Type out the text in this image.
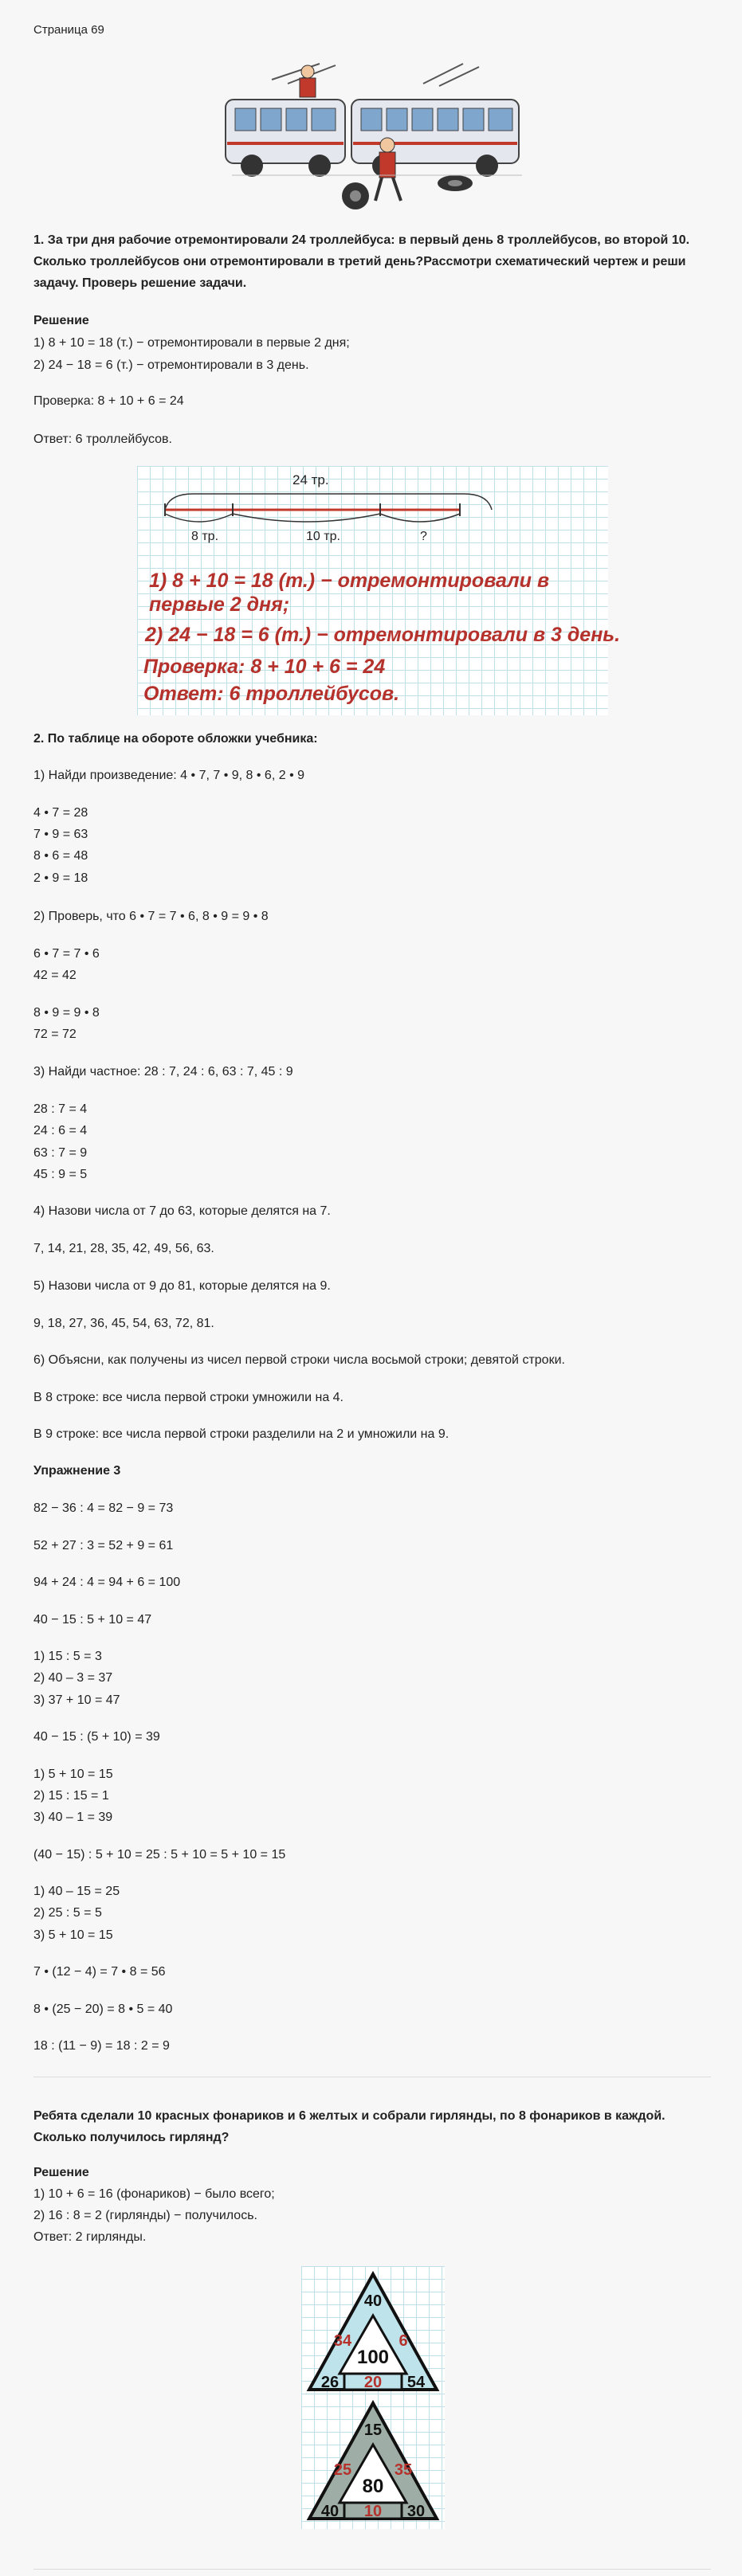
Страница 69

1. За три дня рабочие отремонтировали 24 троллейбуса: в первый день 8 троллейбусов, во второй 10. Сколько троллейбусов они отремонтировали в третий день?Рассмотри схематический чертеж и реши задачу. Проверь решение задачи.

Решение

1) 8 + 10 = 18 (т.) − отремонтировали в первые 2 дня;

2) 24 − 18 = 6 (т.) − отремонтировали в 3 день.

Проверка: 8 + 10 + 6 = 24

Ответ: 6 троллейбусов.

24 тр.
8 тр.	10 тр.	?
1) 8 + 10 = 18 (т.) − отремонтировали в
первые 2 дня;
2) 24 − 18 = 6 (т.) − отремонтировали в 3 день.
Проверка: 8 + 10 + 6 = 24
Ответ: 6 троллейбусов.

2. По таблице на обороте обложки учебника:

1) Найди произведение: 4 • 7, 7 • 9, 8 • 6, 2 • 9

4 • 7 = 28

7 • 9 = 63

8 • 6 = 48

2 • 9 = 18

2) Проверь, что 6 • 7 = 7 • 6, 8 • 9 = 9 • 8

6 • 7 = 7 • 6

42 = 42

8 • 9 = 9 • 8

72 = 72

3) Найди частное: 28 : 7, 24 : 6, 63 : 7, 45 : 9

28 : 7 = 4

24 : 6 = 4

63 : 7 = 9

45 : 9 = 5

4) Назови числа от 7 до 63, которые делятся на 7.

7, 14, 21, 28, 35, 42, 49, 56, 63.

5) Назови числа от 9 до 81, которые делятся на 9.

9, 18, 27, 36, 45, 54, 63, 72, 81.

6) Объясни, как получены из чисел первой строки числа восьмой строки; девятой строки.

В 8 строке: все числа первой строки умножили на 4.

В 9 строке: все числа первой строки разделили на 2 и умножили на 9.

Упражнение 3

82 − 36 : 4 = 82 − 9 = 73

52 + 27 : 3 = 52 + 9 = 61

94 + 24 : 4 = 94 + 6 = 100

40 − 15 : 5 + 10 = 47

1) 15 : 5 = 3

2) 40 – 3 = 37

3) 37 + 10 = 47

40 − 15 : (5 + 10) = 39

1) 5 + 10 = 15

2) 15 : 15 = 1

3) 40 – 1 = 39

(40 − 15) : 5 + 10 = 25 : 5 + 10 = 5 + 10 = 15

1) 40 – 15 = 25

2) 25 : 5 = 5

3) 5 + 10 = 15

7 • (12 − 4) = 7 • 8 = 56

8 • (25 − 20) = 8 • 5 = 40

18 : (11 − 9) = 18 : 2 = 9

Ребята сделали 10 красных фонариков и 6 желтых и собрали гирлянды, по 8 фонариков в каждой. Сколько получилось гирлянд?

Решение

1) 10 + 6 = 16 (фонариков) − было всего;

2) 16 : 8 = 2 (гирлянды) − получилось.

Ответ: 2 гирлянды.

40
34	6
100
26 20 54
15
25	35
80
40 10 30
